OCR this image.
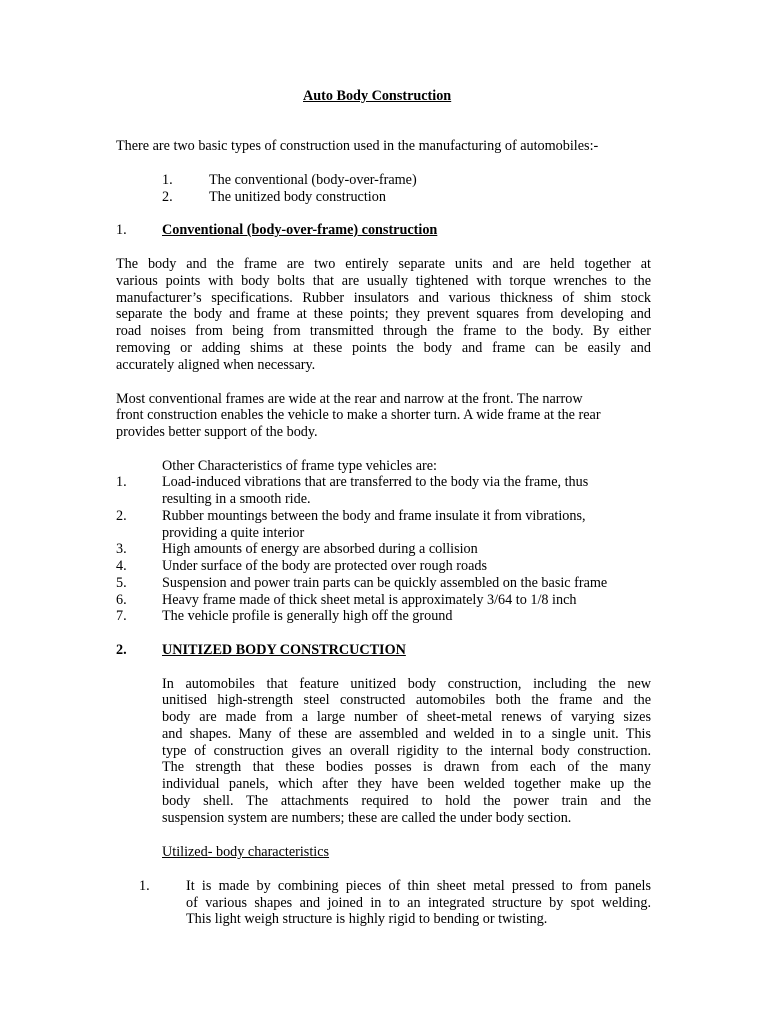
Auto Body Construction
There are two basic types of construction used in the manufacturing of automobiles:-
1.	The conventional (body-over-frame)
2.	The unitized body construction
1. Conventional (body-over-frame) construction
The body and the frame are two entirely separate units and are held together at
various points with body bolts that are usually tightened with torque wrenches to the
manufacturer’s specifications. Rubber insulators and various thickness of shim stock
separate the body and frame at these points; they prevent squares from developing and
road noises from being from transmitted through the frame to the body. By either
removing or adding shims at these points the body and frame can be easily and
accurately aligned when necessary.
Most conventional frames are wide at the rear and narrow at the front. The narrow
front construction enables the vehicle to make a shorter turn. A wide frame at the rear
provides better support of the body.
Other Characteristics of frame type vehicles are:
1. Load-induced vibrations that are transferred to the body via the frame, thus
resulting in a smooth ride.
2. Rubber mountings between the body and frame insulate it from vibrations,
providing a quite interior
3. High amounts of energy are absorbed during a collision
4. Under surface of the body are protected over rough roads
5. Suspension and power train parts can be quickly assembled on the basic frame
6. Heavy frame made of thick sheet metal is approximately 3/64 to 1/8 inch
7. The vehicle profile is generally high off the ground
2. UNITIZED BODY CONSTRCUCTION
In automobiles that feature unitized body construction, including the new
unitised high-strength steel constructed automobiles both the frame and the
body are made from a large number of sheet-metal renews of varying sizes
and shapes. Many of these are assembled and welded in to a single unit. This
type of construction gives an overall rigidity to the internal body construction.
The strength that these bodies posses is drawn from each of the many
individual panels, which after they have been welded together make up the
body shell. The attachments required to hold the power train and the
suspension system are numbers; these are called the under body section.
Utilized- body characteristics
1.	It is made by combining pieces of thin sheet metal pressed to from panels
of various shapes and joined in to an integrated structure by spot welding.
This light weigh structure is highly rigid to bending or twisting.
